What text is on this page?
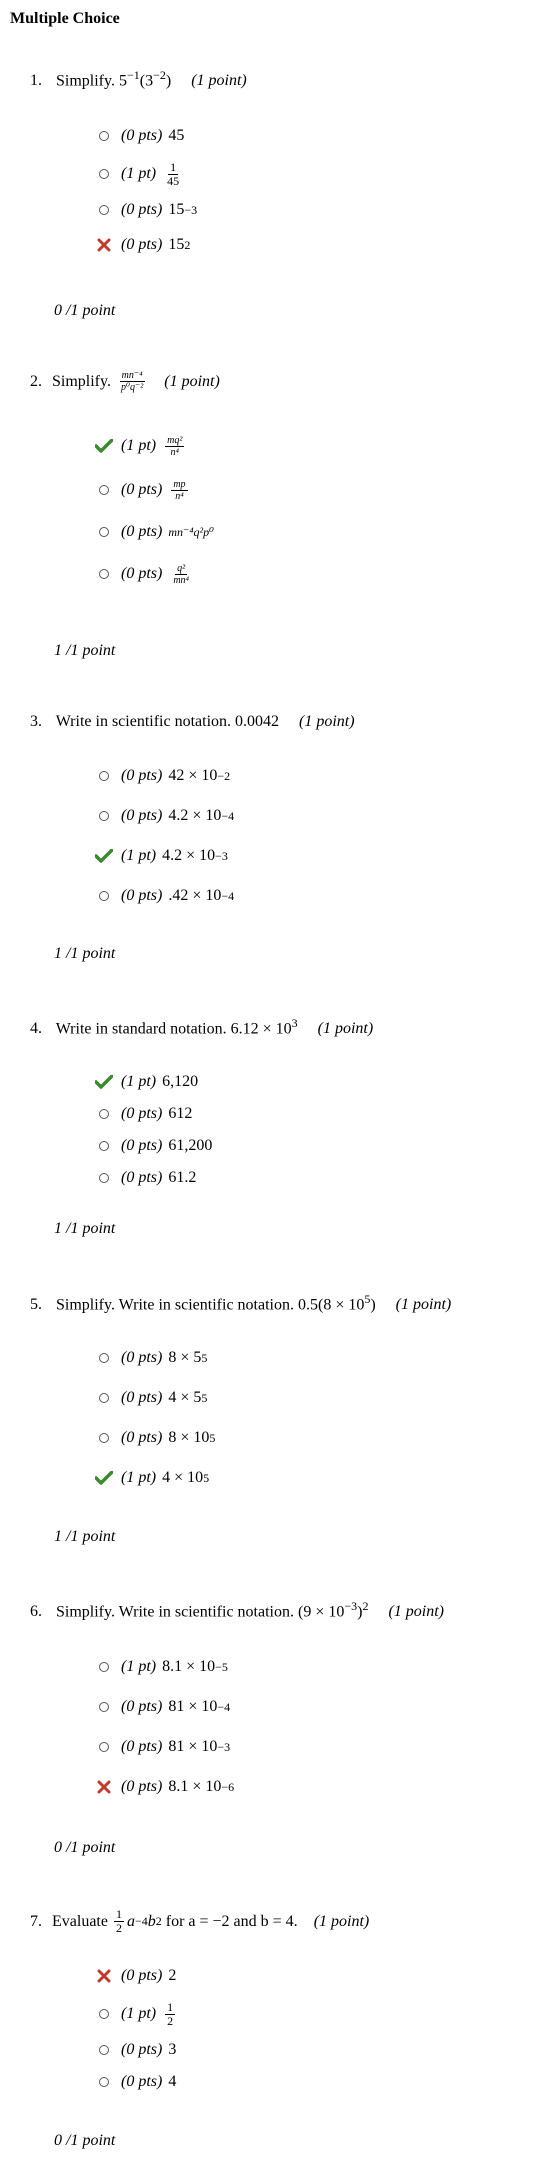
Multiple Choice
1. Simplify. $5^{-1}(3^{-2})$ (1 point)
(0 pts) 45
(1 $pt) \frac{1}{45}$
(0 pts) 15 −3
(0 pts) 15 2
0 /1 point
2. Simplify. $\frac{\text{mn⁻⁴}}{\text{p⁰q⁻²}} (1$ point)
(1 $pt) \frac{\text{mq²}}{\text{n⁴}}$
(0 $pts) \frac{mp}{\text{n⁴}}$
(0 pts) mn⁻⁴q²p⁰
(0 $pts) \frac{\text{q²}}{\text{mn⁴}}$
1 /1 point
3. Write in scientific notation. 0.0042 (1 point)
(0 pts) 42 × 10 −2
(0 pts) 4.2 × 10 −4
(1 pt) 4.2 × 10 −3
(0 pts) .42 × 10 −4
1 /1 point
4. Write in standard notation. $6.12 \times 10^3$ (1 point)
(1 pt) 6,120
(0 pts) 612
(0 pts) 61,200
(0 pts) 61.2
1 /1 point
5. Simplify. Write in scientific notation. $0.5(8 \times 10^5)$ (1 point)
(0 pts) 8 × 5 5
(0 pts) 4 × 5 5
(0 pts) 8 × 10 5
(1 pt) 4 × 10 5
1 /1 point
6. Simplify. Write in scientific notation. $(9 \times 10^{-3})^2$ (1 point)
(1 pt) 8.1 × 10 −5
(0 pts) 81 × 10 −4
(0 pts) 81 × 10 −3
(0 pts) 8.1 × 10 −6
0 /1 point
7. Evaluate $\frac{1}{2}$ a −4 b 2 for a = −2 and b = 4. (1 point)
(0 pts) 2
(1 $pt) \frac{1}{2}$
(0 pts) 3
(0 pts) 4
0 /1 point
